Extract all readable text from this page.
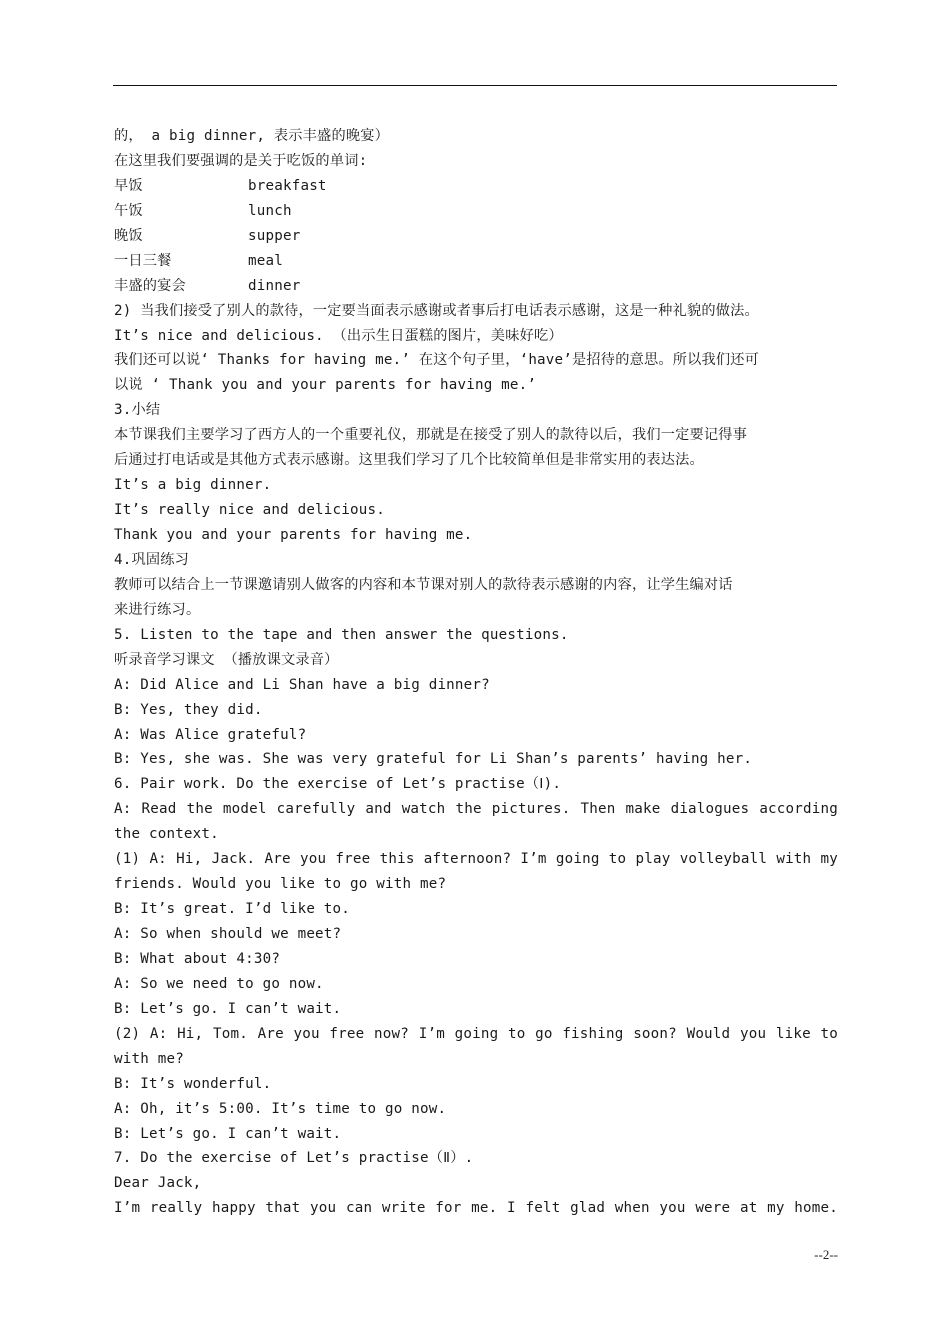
的， a big dinner, 表示丰盛的晚宴）
在这里我们要强调的是关于吃饭的单词:
早饭	breakfast
午饭	lunch
晚饭	supper
一日三餐	meal
丰盛的宴会	dinner
2) 当我们接受了别人的款待，一定要当面表示感谢或者事后打电话表示感谢，这是一种礼貌的做法。
It’s nice and delicious. （出示生日蛋糕的图片，美味好吃）
我们还可以说‘ Thanks for having me.’ 在这个句子里，‘have’是招待的意思。所以我们还可
以说 ‘ Thank you and your parents for having me.’
3.小结
本节课我们主要学习了西方人的一个重要礼仪，那就是在接受了别人的款待以后，我们一定要记得事
后通过打电话或是其他方式表示感谢。这里我们学习了几个比较简单但是非常实用的表达法。
It’s a big dinner.
It’s really nice and delicious.
Thank you and your parents for having me.
4.巩固练习
教师可以结合上一节课邀请别人做客的内容和本节课对别人的款待表示感谢的内容，让学生编对话
来进行练习。
5. Listen to the tape and then answer the questions.
听录音学习课文 （播放课文录音）
A: Did Alice and Li Shan have a big dinner?
B: Yes, they did.
A: Was Alice grateful?
B: Yes, she was. She was very grateful for Li Shan’s parents’ having her.
6. Pair work. Do the exercise of Let’s practise（Ⅰ).
A: Read the model carefully and watch the pictures. Then make dialogues according
the context.
(1) A: Hi, Jack. Are you free this afternoon? I’m going to play volleyball with my
friends. Would you like to go with me?
B: It’s great. I’d like to.
A: So when should we meet?
B: What about 4:30?
A: So we need to go now.
B: Let’s go. I can’t wait.
(2) A: Hi, Tom. Are you free now? I’m going to go fishing soon? Would you like to
with me?
B: It’s wonderful.
A: Oh, it’s 5:00. It’s time to go now.
B: Let’s go. I can’t wait.
7. Do the exercise of Let’s practise（Ⅱ）.
Dear Jack,
I’m really happy that you can write for me. I felt glad when you were at my home.
--2--
